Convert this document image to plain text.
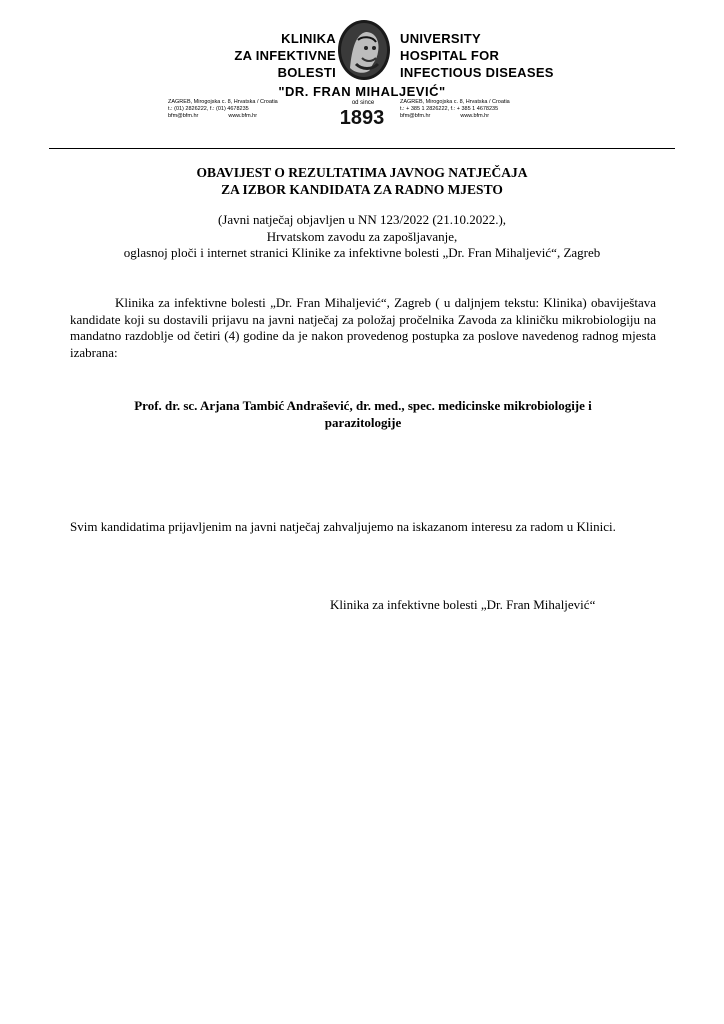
KLINIKA
ZA INFEKTIVNE
BOLESTI
UNIVERSITY
HOSPITAL FOR
INFECTIOUS DISEASES
"DR. FRAN MIHALJEVIĆ"
ZAGREB, Mirogojska c. 8, Hrvatska / Croatia
t.: (01) 2826222, f.: (01) 4678235
bfm@bfm.hr	www.bfm.hr
od since
1893
ZAGREB, Mirogojska c. 8, Hrvatska / Croatia
t.: + 385 1 2826222, f.: + 385 1 4678235
bfm@bfm.hr	www.bfm.hr
OBAVIJEST O REZULTATIMA JAVNOG NATJEČAJA
ZA IZBOR KANDIDATA ZA RADNO MJESTO
(Javni natječaj objavljen u NN 123/2022 (21.10.2022.),
Hrvatskom zavodu za zapošljavanje,
oglasnoj ploči i internet stranici Klinike za infektivne bolesti „Dr. Fran Mihaljević“, Zagreb
Klinika za infektivne bolesti „Dr. Fran Mihaljević“, Zagreb ( u daljnjem tekstu: Klinika) obaviještava kandidate koji su dostavili prijavu na javni natječaj za položaj pročelnika Zavoda za kliničku mikrobiologiju na mandatno razdoblje od četiri (4) godine da je nakon provedenog postupka za poslove navedenog radnog mjesta izabrana:
Prof. dr. sc. Arjana Tambić Andrašević, dr. med., spec. medicinske mikrobiologije i
parazitologije
Svim kandidatima prijavljenim na javni natječaj zahvaljujemo na iskazanom interesu za radom u Klinici.
Klinika za infektivne bolesti „Dr. Fran Mihaljević“
